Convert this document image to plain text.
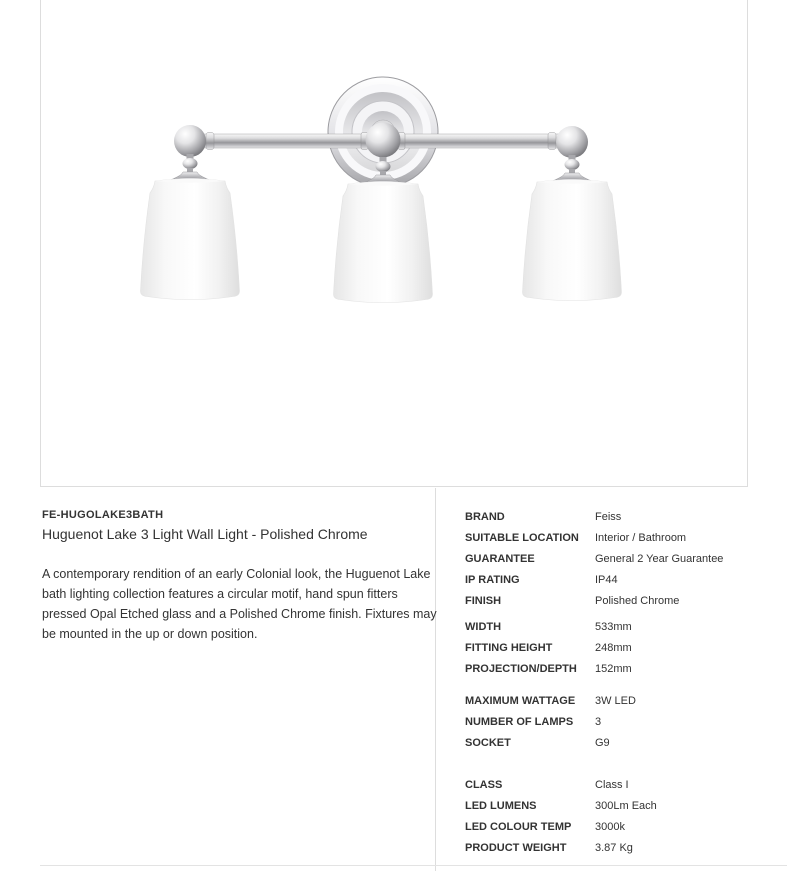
FE-HUGOLAKE3BATH
Huguenot Lake 3 Light Wall Light - Polished Chrome

A contemporary rendition of an early Colonial look, the Huguenot Lake bath lighting collection features a circular motif, hand spun fitters pressed Opal Etched glass and a Polished Chrome finish. Fixtures may be mounted in the up or down position.

BRAND	Feiss
SUITABLE LOCATION	Interior / Bathroom
GUARANTEE	General 2 Year Guarantee
IP RATING	IP44
FINISH	Polished Chrome
WIDTH	533mm
FITTING HEIGHT	248mm
PROJECTION/DEPTH	152mm
MAXIMUM WATTAGE	3W LED
NUMBER OF LAMPS	3
SOCKET	G9
CLASS	Class I
LED LUMENS	300Lm Each
LED COLOUR TEMP	3000k
PRODUCT WEIGHT	3.87 Kg
